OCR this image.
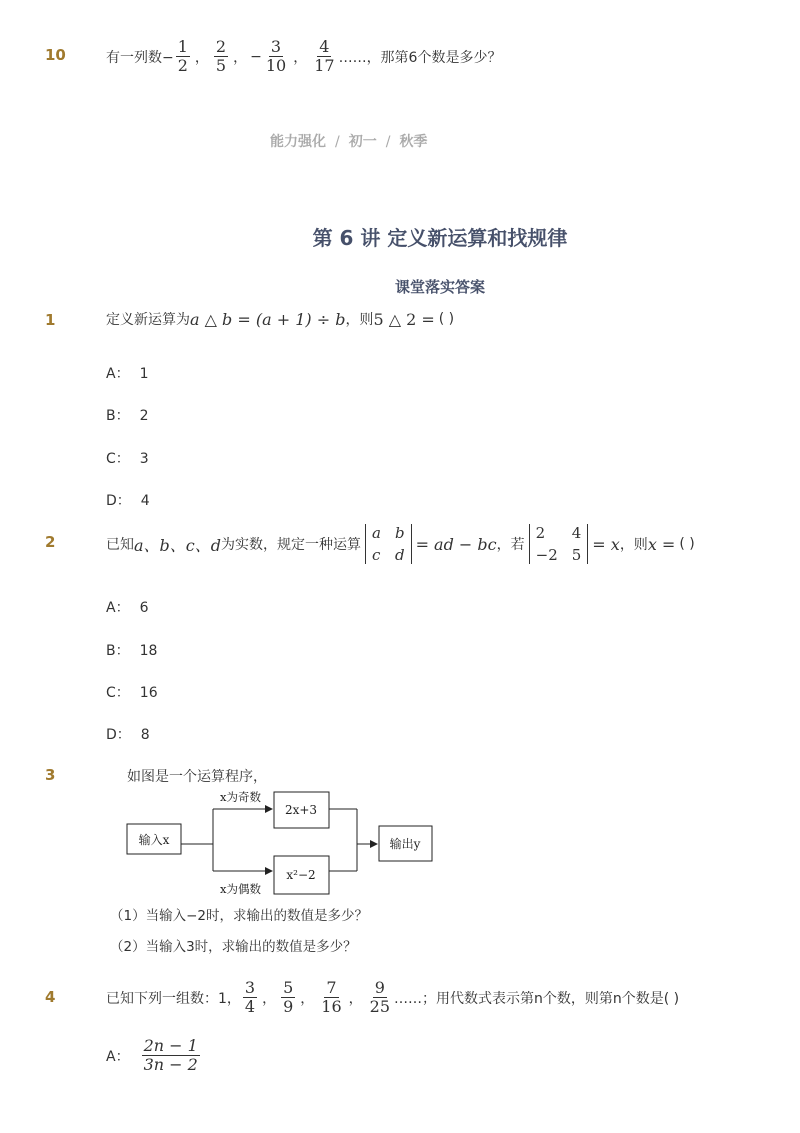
10	有一列数− $\frac{1}{2}$ ， $\frac{2}{5}$ ， − $\frac{3}{10}$ ， $\frac{4}{17}$ ……，那第6个数是多少？
能力强化 / 初一 / 秋季
第 6 讲 定义新运算和找规律
课堂落实答案
1	定义新运算为 a △ b = (a + 1) ÷ b ，则 5 △ 2 = ( )
A： 1
B： 2
C： 3
D： 4
2	已知 a、b、c、d 为实数，规定一种运算
a b
c d
= ad − bc ，若
2	4
−2 5
= x ，则 x = ( )
A： 6
B： 18
C： 16
D： 8
3	如图是一个运算程序，
输入x
x为奇数
x为偶数
2x+3
x²−2
输出y
（1）当输入−2时，求输出的数值是多少？
（2）当输入3时，求输出的数值是多少？
4	已知下列一组数：1， $\frac{3}{4}$ ， $\frac{5}{9}$ ， $\frac{7}{16}$ ， $\frac{9}{25}$ ……；用代数式表示第n个数，则第n个数是( )
A： $\frac{2n - 1}{3n - 2}$
